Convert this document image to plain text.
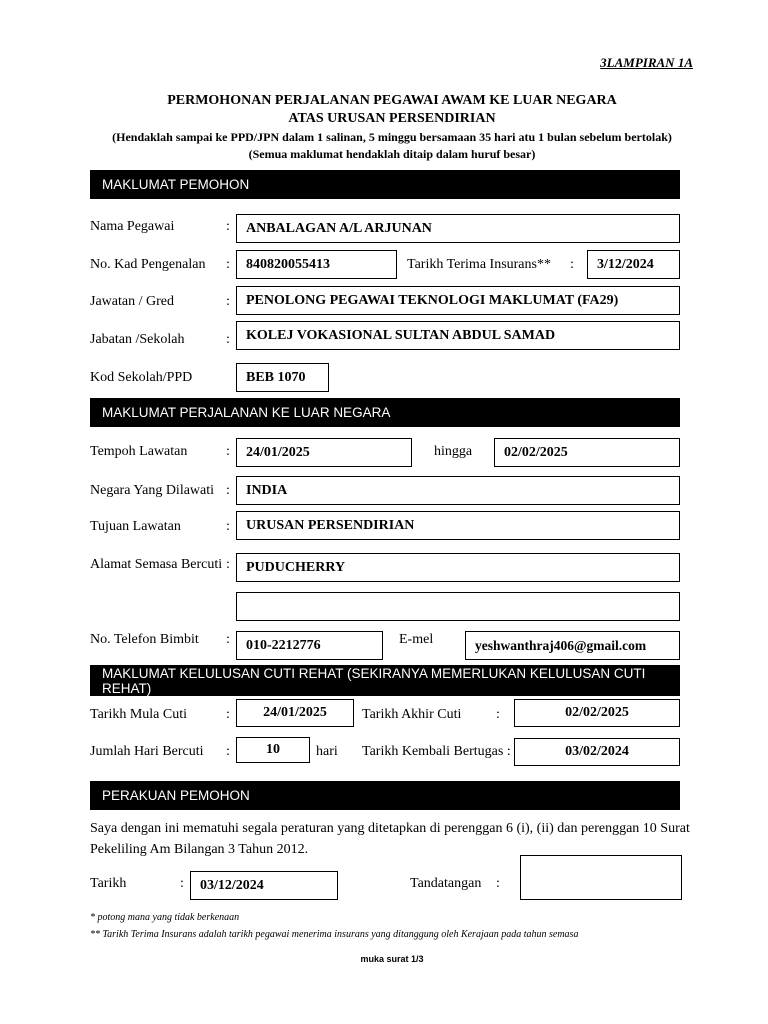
3LAMPIRAN 1A
PERMOHONAN PERJALANAN PEGAWAI AWAM KE LUAR NEGARA
ATAS URUSAN PERSENDIRIAN
(Hendaklah sampai ke PPD/JPN dalam 1 salinan, 5 minggu bersamaan 35 hari atu 1 bulan sebelum bertolak)
(Semua maklumat hendaklah ditaip dalam huruf besar)
MAKLUMAT PEMOHON
Nama Pegawai	:	ANBALAGAN A/L ARJUNAN
No. Kad Pengenalan :	840820055413	Tarikh Terima Insurans** :	3/12/2024
Jawatan / Gred	:	PENOLONG PEGAWAI TEKNOLOGI MAKLUMAT (FA29)
Jabatan /Sekolah	:	KOLEJ VOKASIONAL SULTAN ABDUL SAMAD
Kod Sekolah/PPD	BEB 1070
MAKLUMAT PERJALANAN KE LUAR NEGARA
Tempoh Lawatan	:	24/01/2025	hingga	02/02/2025
Negara Yang Dilawati :	INDIA
Tujuan Lawatan	:	URUSAN PERSENDIRIAN
Alamat Semasa Bercuti :	PUDUCHERRY
No. Telefon Bimbit :	010-2212776	E-mel	yeshwanthraj406@gmail.com
MAKLUMAT KELULUSAN CUTI REHAT (SEKIRANYA MEMERLUKAN KELULUSAN CUTI REHAT)
Tarikh Mula Cuti	:	24/01/2025	Tarikh Akhir Cuti :	02/02/2025
Jumlah Hari Bercuti :	10	hari Tarikh Kembali Bertugas :	03/02/2024
PERAKUAN PEMOHON
Saya dengan ini mematuhi segala peraturan yang ditetapkan di perenggan 6 (i), (ii) dan perenggan 10 Surat
Pekeliling Am Bilangan 3 Tahun 2012.
Tarikh	:	03/12/2024	Tandatangan :
* potong mana yang tidak berkenaan
** Tarikh Terima Insurans adalah tarikh pegawai menerima insurans yang ditanggung oleh Kerajaan pada tahun semasa
muka surat 1/3
